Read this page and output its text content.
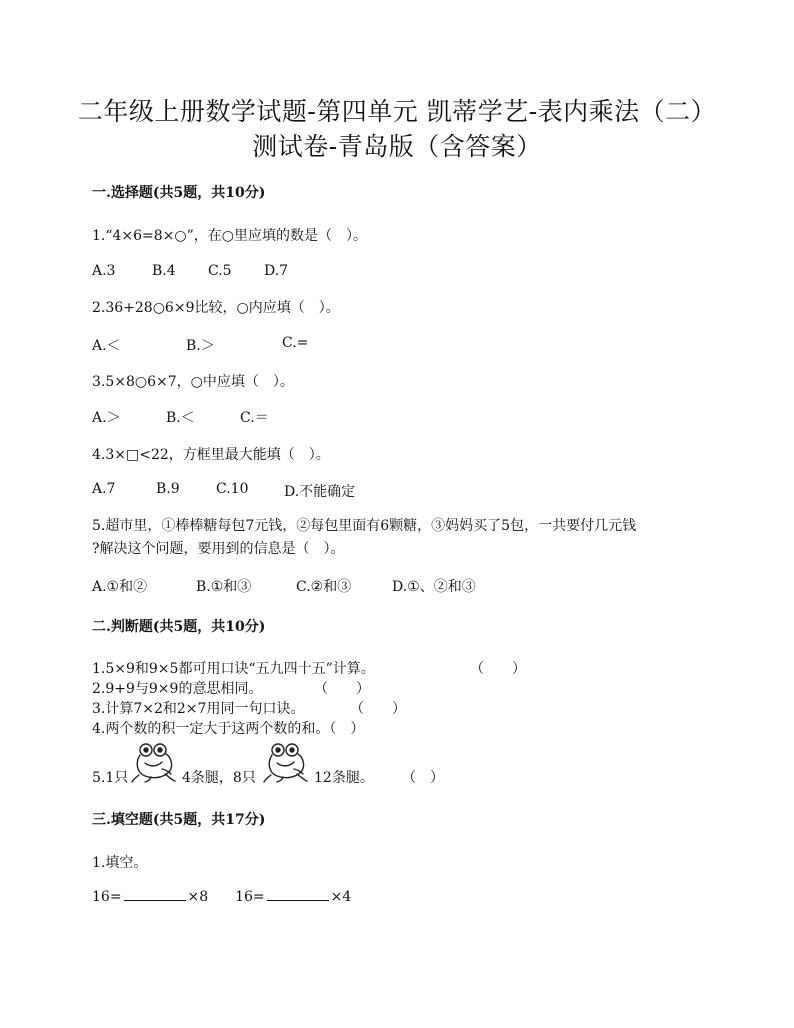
二年级上册数学试题-第四单元 凯蒂学艺-表内乘法（二）
测试卷-青岛版（含答案）
一.选择题(共5题，共10分)
1.“4×6=8×○”，在○里应填的数是（　）。
A.3	B.4 C.5 D.7
2.36+28○6×9比较，○内应填（　）。
A.＜	B.＞	C.=
3.5×8○6×7，○中应填（　）。
A.＞	B.＜	C.＝
4.3×□<22，方框里最大能填（　）。
A.7	B.9	C.10	D.不能确定
5.超市里，①棒棒糖每包7元钱，②每包里面有6颗糖，③妈妈买了5包，一共要付几元钱
?解决这个问题，要用到的信息是（　）。
A.①和②	B.①和③	C.②和③	D.①、②和③
二.判断题(共5题，共10分)
1.5×9和9×5都可用口诀“五九四十五”计算。	（　　）
2.9+9与9×9的意思相同。	（　　）
3.计算7×2和2×7用同一句口诀。	（　　）
4.两个数的积一定大于这两个数的和。（　）
5.1只	4条腿，8只	12条腿。 （　）
三.填空题(共5题，共17分)
1.填空。
16=	×8 16=	×4
